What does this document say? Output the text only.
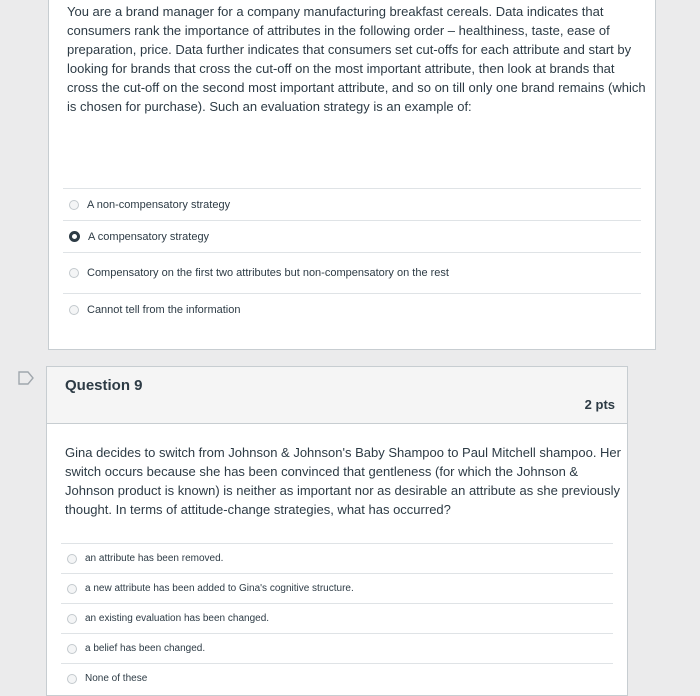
You are a brand manager for a company manufacturing breakfast cereals. Data indicates that consumers rank the importance of attributes in the following order – healthiness, taste, ease of preparation, price. Data further indicates that consumers set cut-offs for each attribute and start by looking for brands that cross the cut-off on the most important attribute, then look at brands that cross the cut-off on the second most important attribute, and so on till only one brand remains (which is chosen for purchase). Such an evaluation strategy is an example of:

A non-compensatory strategy
A compensatory strategy
Compensatory on the first two attributes but non-compensatory on the rest
Cannot tell from the information
Question 9
2 pts

Gina decides to switch from Johnson & Johnson's Baby Shampoo to Paul Mitchell shampoo. Her switch occurs because she has been convinced that gentleness (for which the Johnson & Johnson product is known) is neither as important nor as desirable an attribute as she previously thought. In terms of attitude-change strategies, what has occurred?

an attribute has been removed.
a new attribute has been added to Gina's cognitive structure.
an existing evaluation has been changed.
a belief has been changed.
None of these
